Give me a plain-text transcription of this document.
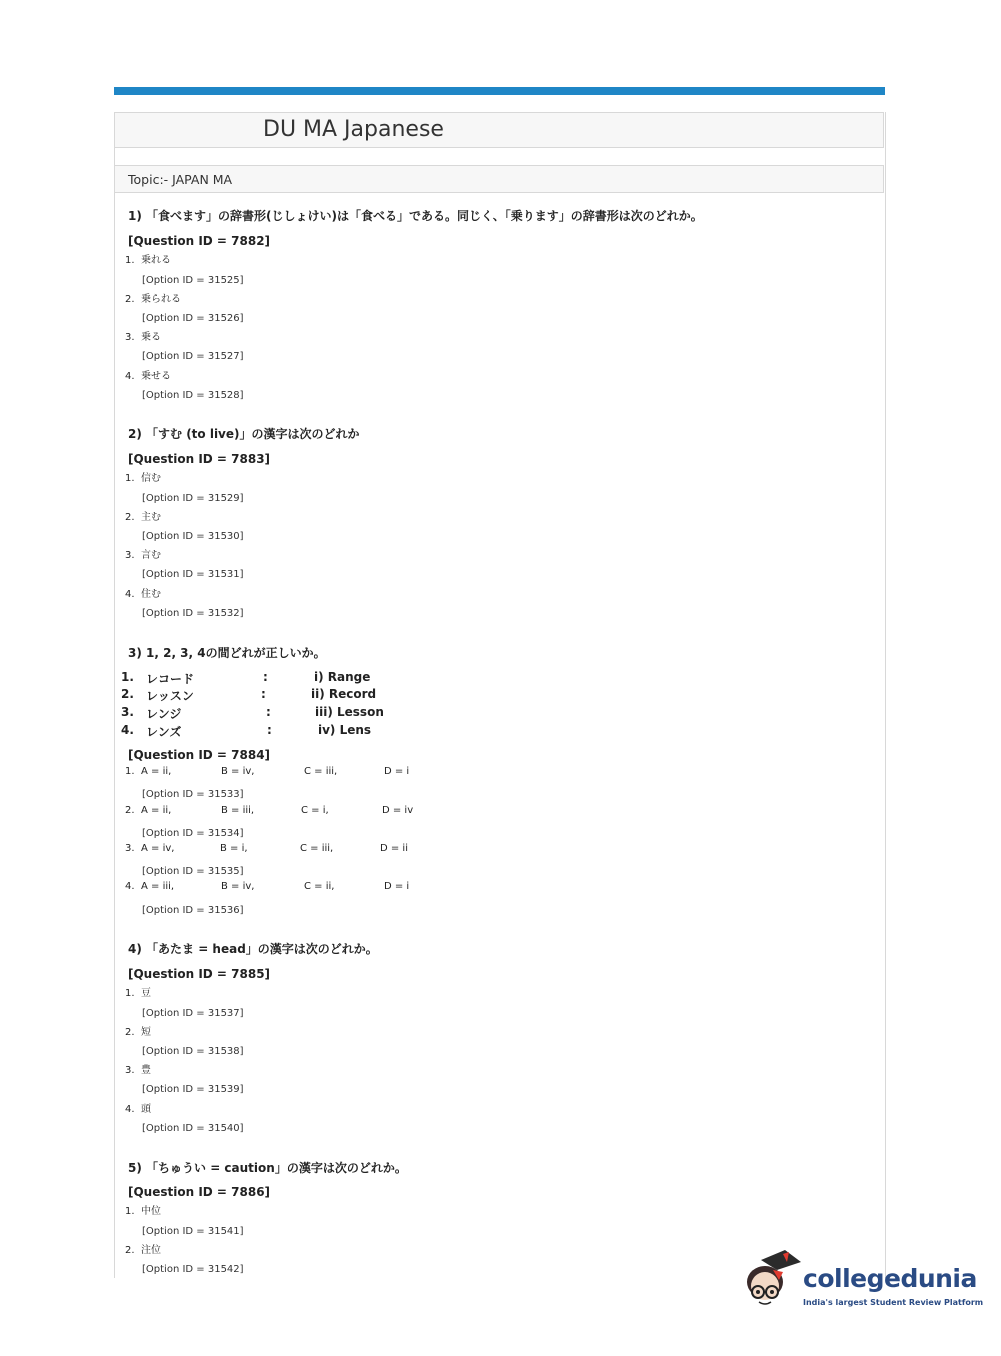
DU MA Japanese
Topic:- JAPAN MA
1) 「食べます」の辞書形(じしょけい)は「食べる」である。同じく、「乗ります」の辞書形は次のどれか。
[Question ID = 7882]
1. 乗れる
[Option ID = 31525]
2. 乗られる
[Option ID = 31526]
3. 乗る
[Option ID = 31527]
4. 乗せる
[Option ID = 31528]
2) 「すむ (to live)」の漢字は次のどれか
[Question ID = 7883]
1. 信む
[Option ID = 31529]
2. 主む
[Option ID = 31530]
3. 言む
[Option ID = 31531]
4. 住む
[Option ID = 31532]
3) 1, 2, 3, 4の間どれが正しいか。
1. レコード	:	i) Range
2. レッスン	:	ii) Record
3. レンジ	:	iii) Lesson
4. レンズ	:	iv) Lens
[Question ID = 7884]
1. A = ii,	B = iv,	C = iii,	D = i
[Option ID = 31533]
2. A = ii,	B = iii,	C = i,	D = iv
[Option ID = 31534]
3. A = iv,	B = i,	C = iii,	D = ii
[Option ID = 31535]
4. A = iii,	B = iv,	C = ii,	D = i
[Option ID = 31536]
4) 「あたま = head」の漢字は次のどれか。
[Question ID = 7885]
1. 豆
[Option ID = 31537]
2. 短
[Option ID = 31538]
3. 豊
[Option ID = 31539]
4. 頭
[Option ID = 31540]
5) 「ちゅうい = caution」の漢字は次のどれか。
[Question ID = 7886]
1. 中位
[Option ID = 31541]
2. 注位
[Option ID = 31542]	collegedunia
India's largest Student Review Platform
